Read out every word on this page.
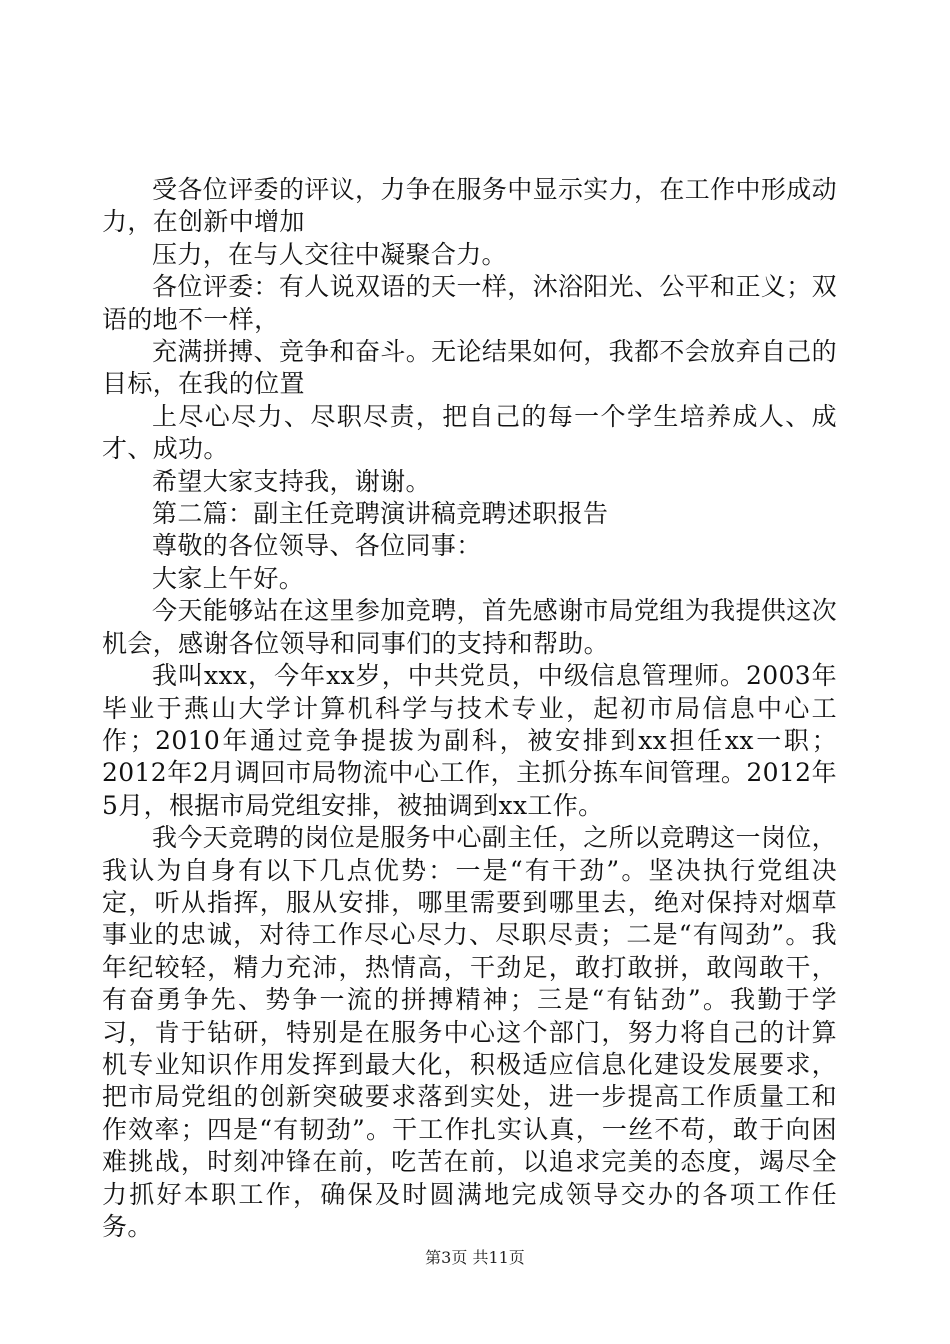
受各位评委的评议，力争在服务中显示实力，在工作中形成动力，在创新中增加

压力，在与人交往中凝聚合力。

各位评委：有人说双语的天一样，沐浴阳光、公平和正义；双语的地不一样，

充满拼搏、竞争和奋斗。无论结果如何，我都不会放弃自己的目标，在我的位置

上尽心尽力、尽职尽责，把自己的每一个学生培养成人、成才、成功。

希望大家支持我，谢谢。

第二篇：副主任竞聘演讲稿竞聘述职报告

尊敬的各位领导、各位同事：

大家上午好。

今天能够站在这里参加竞聘，首先感谢市局党组为我提供这次机会，感谢各位领导和同事们的支持和帮助。

我叫xxx，今年xx岁，中共党员，中级信息管理师。2003年毕业于燕山大学计算机科学与技术专业，起初市局信息中心工作；2010年通过竞争提拔为副科，被安排到xx担任xx一职；2012年2月调回市局物流中心工作，主抓分拣车间管理。2012年5月，根据市局党组安排，被抽调到xx工作。

我今天竞聘的岗位是服务中心副主任，之所以竞聘这一岗位，我认为自身有以下几点优势：一是“有干劲”。坚决执行党组决定，听从指挥，服从安排，哪里需要到哪里去，绝对保持对烟草事业的忠诚，对待工作尽心尽力、尽职尽责；二是“有闯劲”。我年纪较轻，精力充沛，热情高，干劲足，敢打敢拼，敢闯敢干，有奋勇争先、势争一流的拼搏精神；三是“有钻劲”。我勤于学习，肯于钻研，特别是在服务中心这个部门，努力将自己的计算机专业知识作用发挥到最大化，积极适应信息化建设发展要求，把市局党组的创新突破要求落到实处，进一步提高工作质量工和作效率；四是“有韧劲”。干工作扎实认真，一丝不苟，敢于向困难挑战，时刻冲锋在前，吃苦在前，以追求完美的态度，竭尽全力抓好本职工作，确保及时圆满地完成领导交办的各项工作任务。

第3页 共11页
